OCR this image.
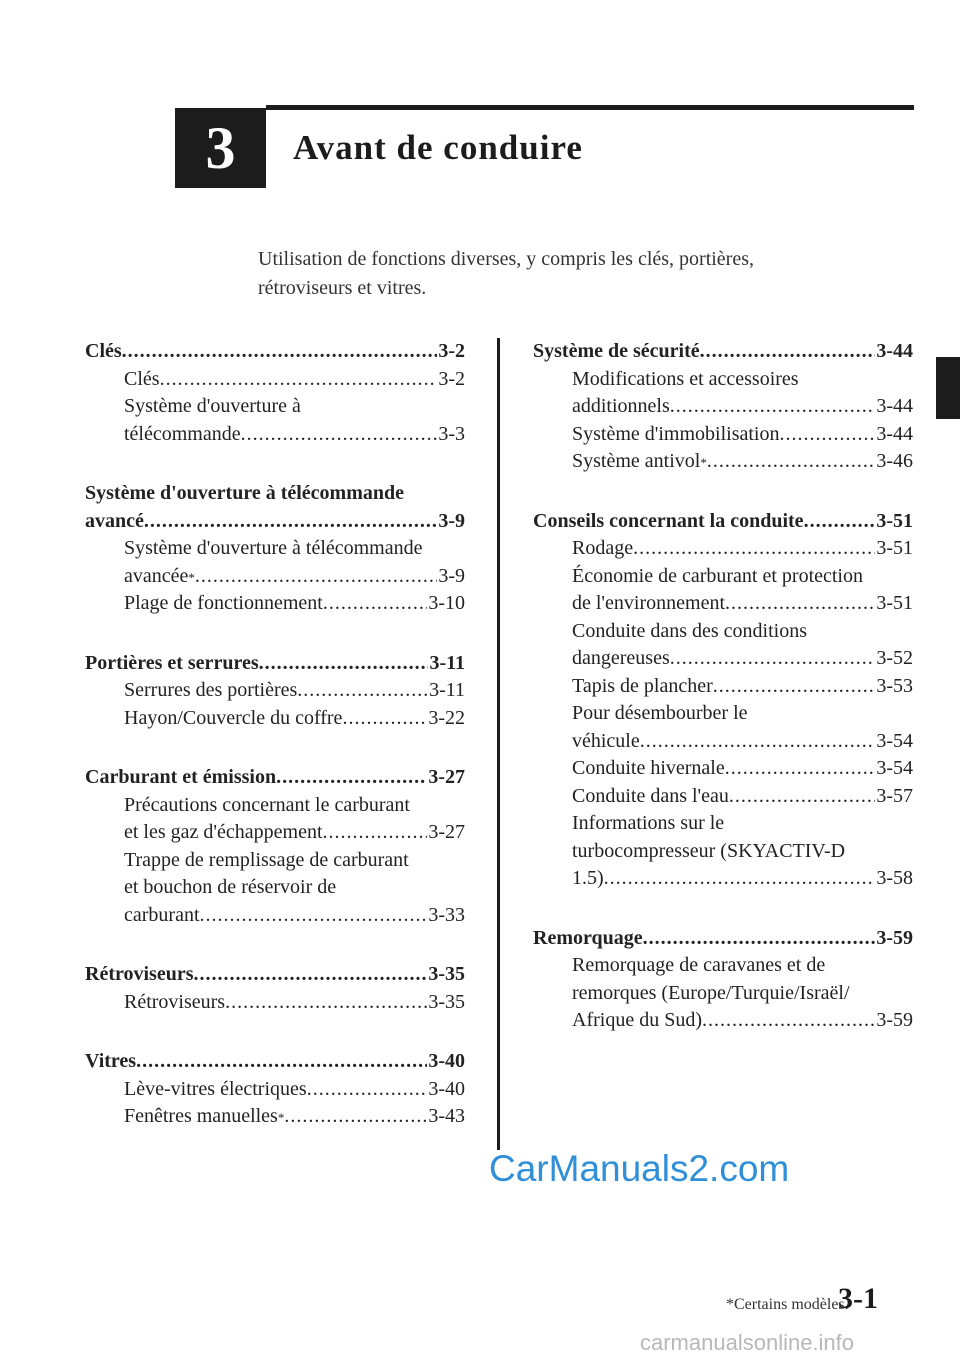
3 Avant de conduire
Utilisation de fonctions diverses, y compris les clés, portières,
rétroviseurs et vitres.
Clés .....	3-2
Clés .....	3-2
Système d'ouverture à
télécommande .....	3-3
Système d'ouverture à télécommande
avancé .....	3-9
Système d'ouverture à télécommande
avancée * .....	3-9
Plage de fonctionnement .....	3-10
Portières et serrures .....	3-11
Serrures des portières .....	3-11
Hayon/Couvercle du coffre .....	3-22
Carburant et émission .....	3-27
Précautions concernant le carburant
et les gaz d'échappement .....	3-27
Trappe de remplissage de carburant
et bouchon de réservoir de
carburant .....	3-33
Rétroviseurs .....	3-35
Rétroviseurs .....	3-35
Vitres .....	3-40
Lève-vitres électriques .....	3-40
Fenêtres manuelles * .....	3-43
Système de sécurité .....	3-44
Modifications et accessoires
additionnels .....	3-44
Système d'immobilisation .....	3-44
Système antivol * .....	3-46
Conseils concernant la conduite .....	3-51
Rodage .....	3-51
Économie de carburant et protection
de l'environnement .....	3-51
Conduite dans des conditions
dangereuses .....	3-52
Tapis de plancher .....	3-53
Pour désembourber le
véhicule .....	3-54
Conduite hivernale .....	3-54
Conduite dans l'eau .....	3-57
Informations sur le
turbocompresseur (SKYACTIV-D
1.5) .....	3-58
Remorquage .....	3-59
Remorquage de caravanes et de
remorques (Europe/Turquie/Israël/
Afrique du Sud) .....	3-59
CarManuals2.com
*Certains modèles.
3-1
carmanualsonline.info
